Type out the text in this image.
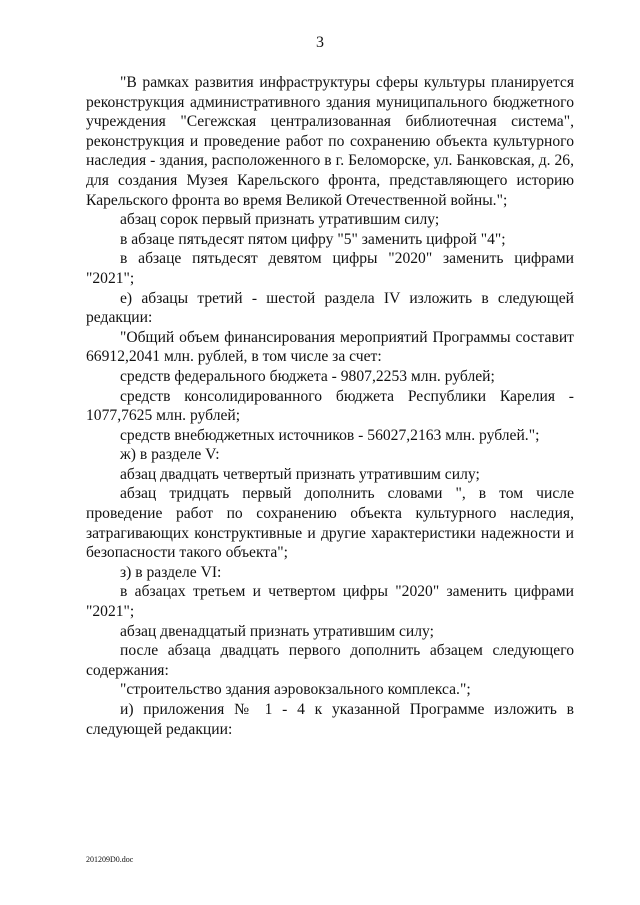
3

"В рамках развития инфраструктуры сферы культуры планируется реконструкция административного здания муниципального бюджетного учреждения "Сегежская централизованная библиотечная система", реконструкция и проведение работ по сохранению объекта культурного наследия - здания, расположенного в г. Беломорске, ул. Банковская, д. 26, для создания Музея Карельского фронта, представляющего историю Карельского фронта во время Великой Отечественной войны.";

абзац сорок первый признать утратившим силу;

в абзаце пятьдесят пятом цифру "5" заменить цифрой "4";

в абзаце пятьдесят девятом цифры "2020" заменить цифрами "2021";

е) абзацы третий - шестой раздела IV изложить в следующей редакции:

"Общий объем финансирования мероприятий Программы составит 66912,2041 млн. рублей, в том числе за счет:

средств федерального бюджета - 9807,2253 млн. рублей;

средств консолидированного бюджета Республики Карелия - 1077,7625 млн. рублей;

средств внебюджетных источников - 56027,2163 млн. рублей.";

ж) в разделе V:

абзац двадцать четвертый признать утратившим силу;

абзац тридцать первый дополнить словами ", в том числе проведение работ по сохранению объекта культурного наследия, затрагивающих конструктивные и другие характеристики надежности и безопасности такого объекта";

з) в разделе VI:

в абзацах третьем и четвертом цифры "2020" заменить цифрами "2021";

абзац двенадцатый признать утратившим силу;

после абзаца двадцать первого дополнить абзацем следующего содержания:

"строительство здания аэровокзального комплекса.";

и) приложения № 1 - 4 к указанной Программе изложить в следующей редакции:

201209D0.doc
